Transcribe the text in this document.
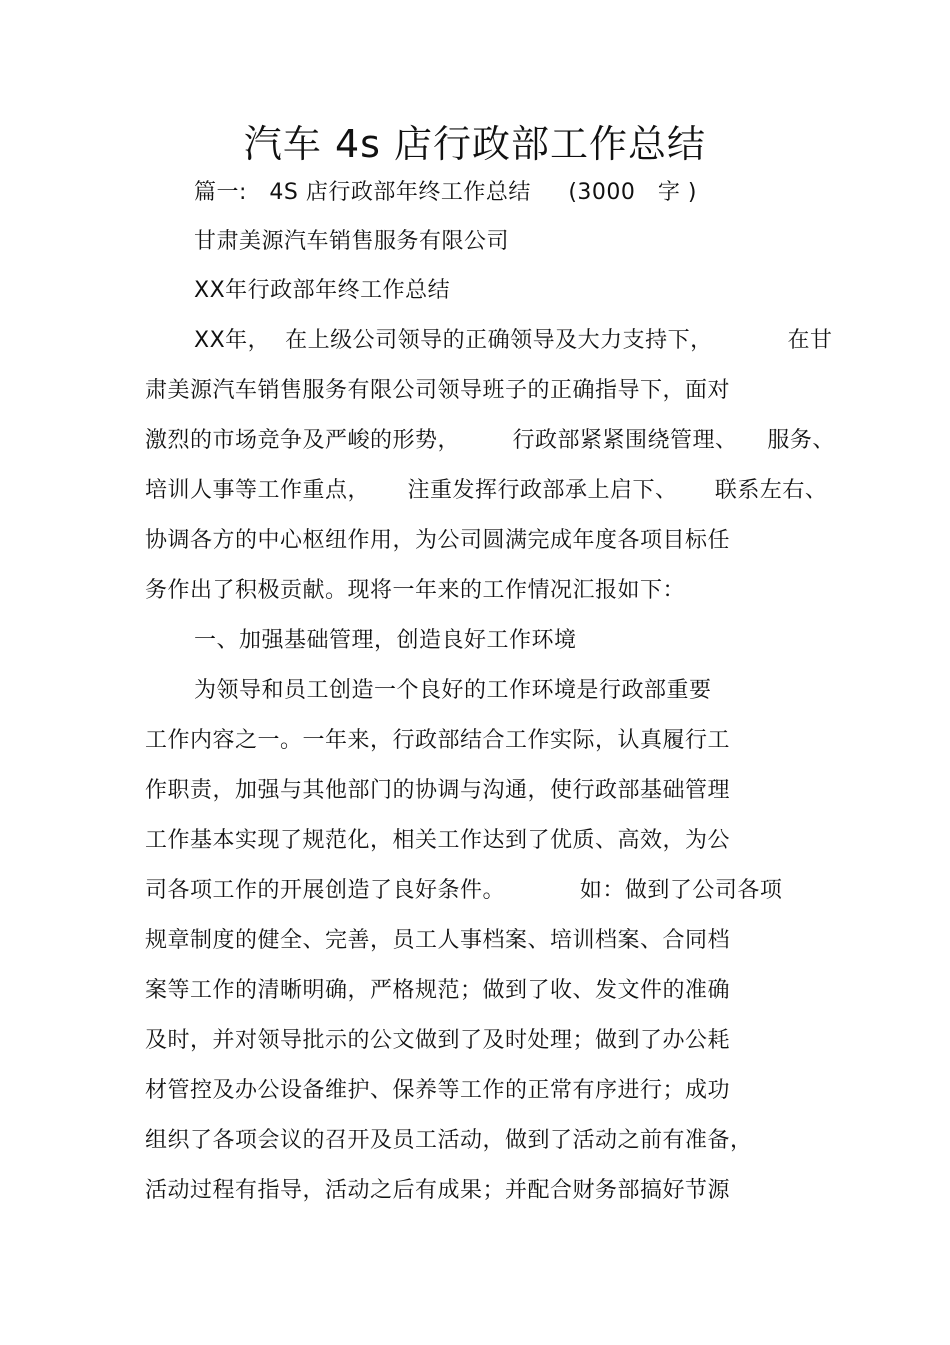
汽车 4s 店行政部工作总结

篇一:   4S 店行政部年终工作总结     (3000   字 )

甘肃美源汽车销售服务有限公司

XX年行政部年终工作总结

XX年，  在上级公司领导的正确领导及大力支持下，          在甘

肃美源汽车销售服务有限公司领导班子的正确指导下，面对

激烈的市场竞争及严峻的形势，       行政部紧紧围绕管理、    服务、

培训人事等工作重点，     注重发挥行政部承上启下、     联系左右、

协调各方的中心枢纽作用，为公司圆满完成年度各项目标任

务作出了积极贡献。现将一年来的工作情况汇报如下：

一、加强基础管理，创造良好工作环境

为领导和员工创造一个良好的工作环境是行政部重要

工作内容之一。一年来，行政部结合工作实际，认真履行工

作职责，加强与其他部门的协调与沟通，使行政部基础管理

工作基本实现了规范化，相关工作达到了优质、高效，为公

司各项工作的开展创造了良好条件。          如：做到了公司各项

规章制度的健全、完善，员工人事档案、培训档案、合同档

案等工作的清晰明确，严格规范；做到了收、发文件的准确

及时，并对领导批示的公文做到了及时处理；做到了办公耗

材管控及办公设备维护、保养等工作的正常有序进行；成功

组织了各项会议的召开及员工活动，做到了活动之前有准备，

活动过程有指导，活动之后有成果；并配合财务部搞好节源
